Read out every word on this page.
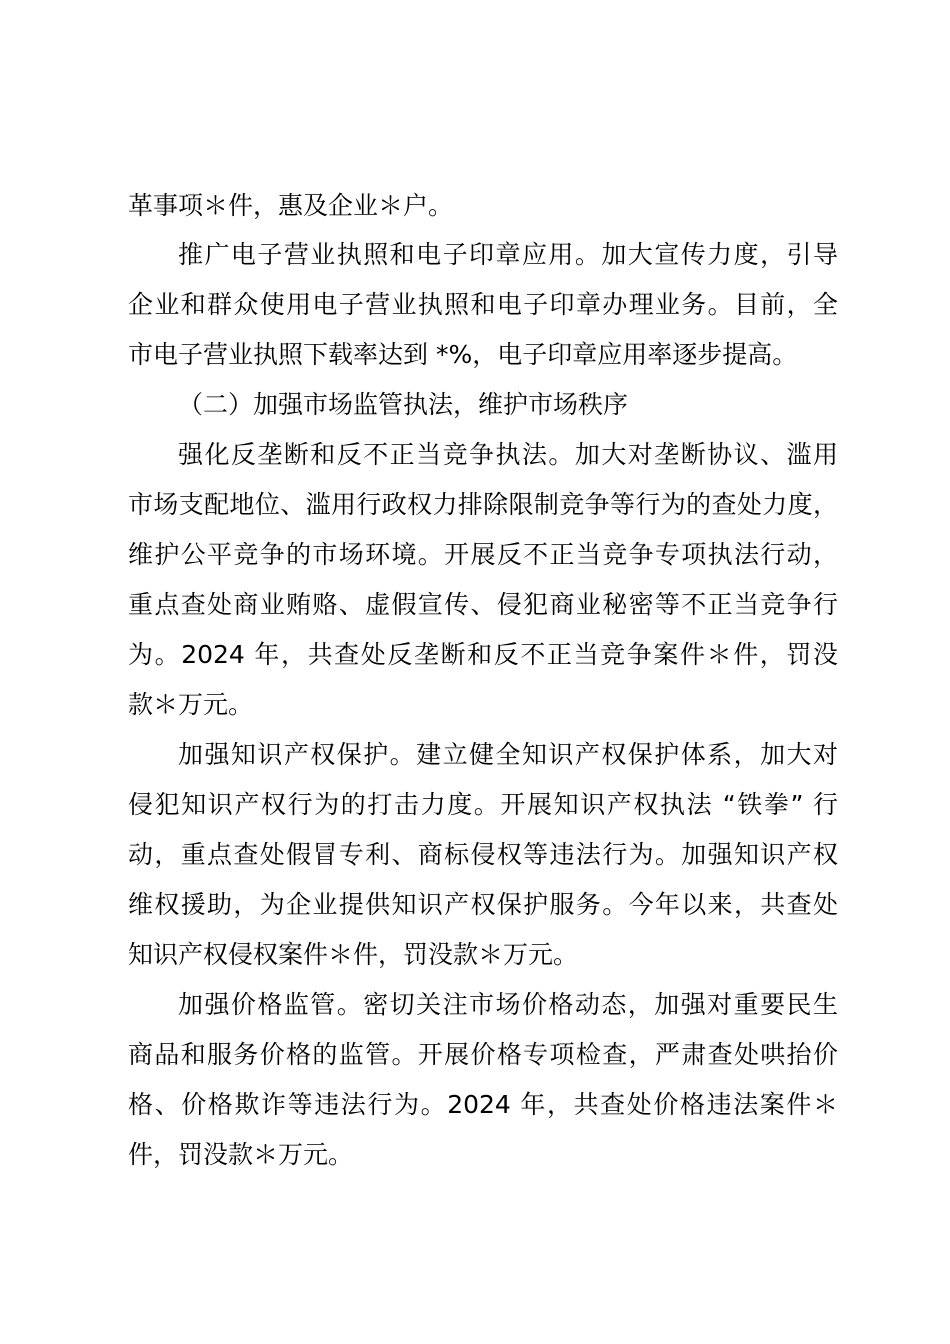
革事项＊件，惠及企业＊户。
推广电子营业执照和电子印章应用。加大宣传力度，引导
企业和群众使用电子营业执照和电子印章办理业务。目前，全
市电子营业执照下载率达到 *%，电子印章应用率逐步提高。
（二）加强市场监管执法，维护市场秩序
强化反垄断和反不正当竞争执法。加大对垄断协议、滥用
市场支配地位、滥用行政权力排除限制竞争等行为的查处力度，
维护公平竞争的市场环境。开展反不正当竞争专项执法行动，
重点查处商业贿赂、虚假宣传、侵犯商业秘密等不正当竞争行
为。2024 年，共查处反垄断和反不正当竞争案件＊件，罚没
款＊万元。
加强知识产权保护。建立健全知识产权保护体系，加大对
侵犯知识产权行为的打击力度。开展知识产权执法 “铁拳” 行
动，重点查处假冒专利、商标侵权等违法行为。加强知识产权
维权援助，为企业提供知识产权保护服务。今年以来，共查处
知识产权侵权案件＊件，罚没款＊万元。
加强价格监管。密切关注市场价格动态，加强对重要民生
商品和服务价格的监管。开展价格专项检查，严肃查处哄抬价
格、价格欺诈等违法行为。2024 年，共查处价格违法案件＊
件，罚没款＊万元。
